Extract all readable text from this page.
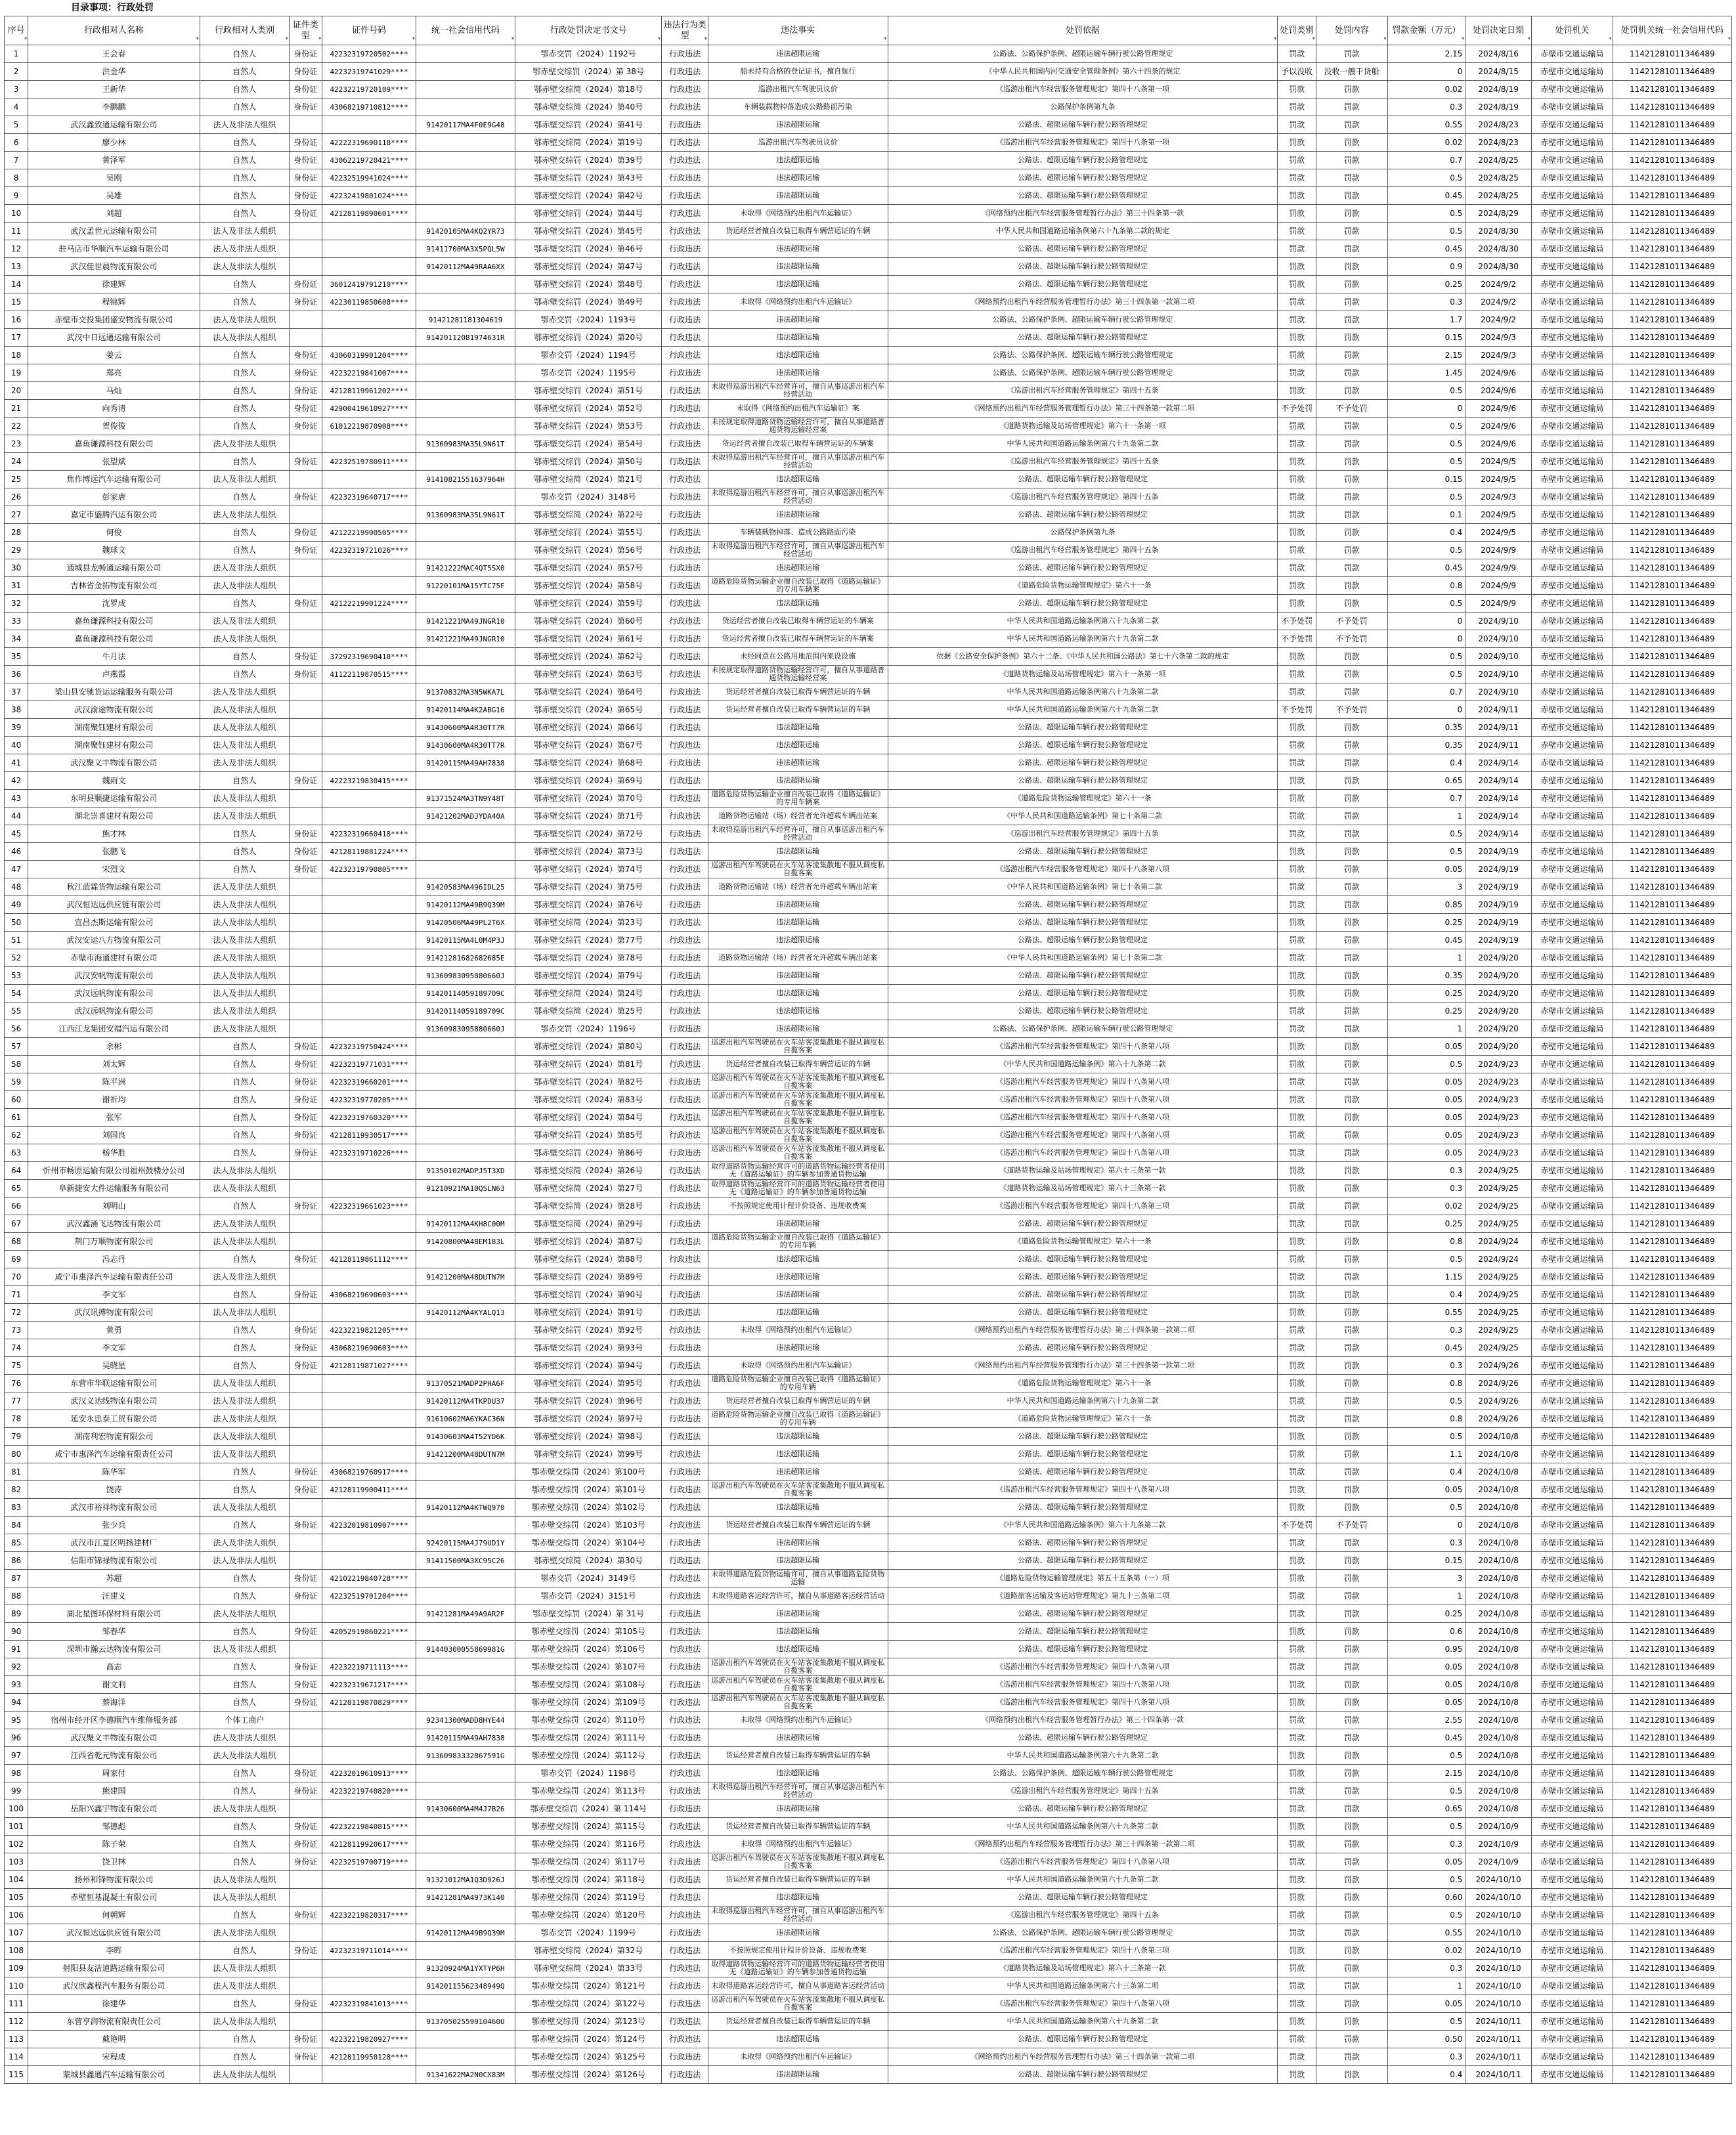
目录事项：行政处罚
序号 ▾	行政相对人名称 ▾	行政相对人类别 ▾	证件类型 ▾	证件号码 ▾	统一社会信用代码 ▾	行政处罚决定书文号 ▾	违法行为类型 ▾	违法事实 ▾	处罚依据 ▾	处罚类别 ▾	处罚内容 ▾	罚款金额（万元） ▾	处罚决定日期 ▾	处罚机关 ▾	处罚机关统一社会信用代码 ▾
1	王会春	自然人	身份证	42232319720502****		鄂赤交罚（2024）1192号	行政违法	违法超限运输	公路法、公路保护条例、超限运输车辆行驶公路管理规定	罚款	罚款	2.15	2024/8/16	赤壁市交通运输局	11421281011346489
2	洪金华	自然人	身份证	42232319741029****		鄂赤壁交综罚（2024）第 38号	行政违法	船未持有合格的登记证书，擅自航行	《中华人民共和国内河交通安全管理条例》第六十四条的规定	予以没收	没收一艘干货船	0	2024/8/15	赤壁市交通运输局	11421281011346489
3	王新华	自然人	身份证	42232219720109****		鄂赤壁交综简（2024）第18号	行政违法	巡游出租汽车驾驶员议价	《巡游出租汽车经营服务管理规定》第四十八条第一项	罚款	罚款	0.02	2024/8/19	赤壁市交通运输局	11421281011346489
4	李鹏鹏	自然人	身份证	43068219710812****		鄂赤壁交综简（2024）第40号	行政违法	车辆装载物掉落造成公路路面污染	公路保护条例第九条	罚款	罚款	0.3	2024/8/19	赤壁市交通运输局	11421281011346489
5	武汉鑫致通运输有限公司	法人及非法人组织			91420117MA4F0E9G48	鄂赤壁交综罚（2024）第41号	行政违法	违法超限运输	公路法、超限运输车辆行驶公路管理规定	罚款	罚款	0.55	2024/8/23	赤壁市交通运输局	11421281011346489
6	廖少林	自然人	身份证	42222319690118****		鄂赤壁交综简（2024）第19号	行政违法	巡游出租汽车驾驶员议价	《巡游出租汽车经营服务管理规定》第四十八条第一项	罚款	罚款	0.02	2024/8/23	赤壁市交通运输局	11421281011346489
7	黄泽军	自然人	身份证	43062219720421****		鄂赤壁交综罚（2024）第39号	行政违法	违法超限运输	公路法、超限运输车辆行驶公路管理规定	罚款	罚款	0.7	2024/8/25	赤壁市交通运输局	11421281011346489
8	吴刚	自然人	身份证	42232519941024****		鄂赤壁交综罚（2024）第43号	行政违法	违法超限运输	公路法、超限运输车辆行驶公路管理规定	罚款	罚款	0.5	2024/8/25	赤壁市交通运输局	11421281011346489
9	吴雄	自然人	身份证	42232419801024****		鄂赤壁交综罚（2024）第42号	行政违法	违法超限运输	公路法、超限运输车辆行驶公路管理规定	罚款	罚款	0.45	2024/8/25	赤壁市交通运输局	11421281011346489
10	刘超	自然人	身份证	42128119890601****		鄂赤壁交综罚（2024）第44号	行政违法	未取得《网络预约出租汽车运输证》	《网络预约出租汽车经营服务管理暂行办法》第三十四条第一款	罚款	罚款	0.5	2024/8/29	赤壁市交通运输局	11421281011346489
11	武汉孟世元运输有限公司	法人及非法人组织			91420105MA4KQ2YR73	鄂赤壁交综罚（2024）第45号	行政违法	货运经营者擅自改装已取得车辆营运证的车辆	中华人民共和国道路运输条例第六十九条第二款的规定	罚款	罚款	0.5	2024/8/30	赤壁市交通运输局	11421281011346489
12	驻马店市华顺汽车运输有限公司	法人及非法人组织			91411700MA3X5PQL5W	鄂赤壁交综罚（2024）第46号	行政违法	违法超限运输	公路法、超限运输车辆行驶公路管理规定	罚款	罚款	0.45	2024/8/30	赤壁市交通运输局	11421281011346489
13	武汉佳世晨物流有限公司	法人及非法人组织			91420112MA49RAA6XX	鄂赤壁交综罚（2024）第47号	行政违法	违法超限运输	公路法、超限运输车辆行驶公路管理规定	罚款	罚款	0.9	2024/8/30	赤壁市交通运输局	11421281011346489
14	徐建辉	自然人	身份证	36012419791210****		鄂赤壁交综罚（2024）第48号	行政违法	违法超限运输	公路法、超限运输车辆行驶公路管理规定	罚款	罚款	0.25	2024/9/2	赤壁市交通运输局	11421281011346489
15	程锦辉	自然人	身份证	42230119850608****		鄂赤壁交综罚（2024）第49号	行政违法	未取得《网络预约出租汽车运输证》	《网络预约出租汽车经营服务管理暂行办法》第三十四条第一款第二项	罚款	罚款	0.3	2024/9/2	赤壁市交通运输局	11421281011346489
16	赤壁市交投集团盛安物流有限公司	法人及非法人组织			91421281181304619	鄂赤交罚（2024）1193号	行政违法	违法超限运输	公路法、公路保护条例、超限运输车辆行驶公路管理规定	罚款	罚款	1.7	2024/9/2	赤壁市交通运输局	11421281011346489
17	武汉中日远通运输有限公司	法人及非法人组织			91420112081974631R	鄂赤壁交综罚（2024）第20号	行政违法	违法超限运输	公路法、超限运输车辆行驶公路管理规定	罚款	罚款	0.15	2024/9/3	赤壁市交通运输局	11421281011346489
18	姜云	自然人	身份证	43060319901204****		鄂赤交罚（2024）1194号	行政违法	违法超限运输	公路法、公路保护条例、超限运输车辆行驶公路管理规定	罚款	罚款	2.15	2024/9/3	赤壁市交通运输局	11421281011346489
19	郑亮	自然人	身份证	42232219841007****		鄂赤交罚（2024）1195号	行政违法	违法超限运输	公路法、公路保护条例、超限运输车辆行驶公路管理规定	罚款	罚款	1.45	2024/9/6	赤壁市交通运输局	11421281011346489
20	马灿	自然人	身份证	42128119961202****		鄂赤壁交综罚（2024）第51号	行政违法	未取得巡游出租汽车经营许可，擅自从事巡游出租汽车经营活动	《巡游出租汽车经营服务管理规定》第四十五条	罚款	罚款	0.5	2024/9/6	赤壁市交通运输局	11421281011346489
21	向秀清	自然人	身份证	42900419610927****		鄂赤壁交综罚（2024）第52号	行政违法	未取得《网络预约出租汽车运输证》案	《网络预约出租汽车经营服务管理暂行办法》第三十四条第一款第二项	不予处罚	不予处罚	0	2024/9/6	赤壁市交通运输局	11421281011346489
22	贺俊俊	自然人	身份证	61012219870908****		鄂赤壁交综罚（2024）第53号	行政违法	未按规定取得道路货物运输经营许可，擅自从事道路普通货物运输经营案	《道路货物运输及站场管理规定》第六十一条第一项	罚款	罚款	0.5	2024/9/6	赤壁市交通运输局	11421281011346489
23	嘉鱼谦源科技有限公司	法人及非法人组织			91360983MA35L9N61T	鄂赤壁交综罚（2024）第54号	行政违法	货运经营者擅自改装已取得车辆营运证的车辆案	中华人民共和国道路运输条例第六十九条第二款	罚款	罚款	0.5	2024/9/6	赤壁市交通运输局	11421281011346489
24	张望斌	自然人	身份证	42232519780911****		鄂赤壁交综罚（2024）第50号	行政违法	未取得巡游出租汽车经营许可，擅自从事巡游出租汽车经营活动	《巡游出租汽车经营服务管理规定》第四十五条	罚款	罚款	0.5	2024/9/5	赤壁市交通运输局	11421281011346489
25	焦作博远汽车运输有限公司	法人及非法人组织			91410821551637964H	鄂赤壁交综简（2024）第21号	行政违法	违法超限运输	公路法、超限运输车辆行驶公路管理规定	罚款	罚款	0.15	2024/9/5	赤壁市交通运输局	11421281011346489
26	彭家唐	自然人	身份证	42232319640717****		鄂赤交罚（2024）3148号	行政违法	未取得巡游出租汽车经营许可，擅自从事巡游出租汽车经营活动	《巡游出租汽车经营服务管理规定》第四十五条	罚款	罚款	0.5	2024/9/3	赤壁市交通运输局	11421281011346489
27	嘉定市盛腾汽运有限公司	法人及非法人组织			91360983MA35L9N61T	鄂赤壁交综简（2024）第22号	行政违法	违法超限运输	公路法、超限运输车辆行驶公路管理规定	罚款	罚款	0.1	2024/9/5	赤壁市交通运输局	11421281011346489
28	何俊	自然人	身份证	42122219900505****		鄂赤壁交综罚（2024）第55号	行政违法	车辆装载物掉落、造成公路路面污染	公路保护条例第九条	罚款	罚款	0.4	2024/9/5	赤壁市交通运输局	11421281011346489
29	魏球文	自然人	身份证	42232319721026****		鄂赤壁交综罚（2024）第56号	行政违法	未取得巡游出租汽车经营许可，擅自从事巡游出租汽车经营活动	《巡游出租汽车经营服务管理规定》第四十五条	罚款	罚款	0.5	2024/9/9	赤壁市交通运输局	11421281011346489
30	通城县龙畅通运输有限公司	法人及非法人组织			91421222MAC4QT5SX0	鄂赤壁交综罚（2024）第57号	行政违法	违法超限运输	公路法、超限运输车辆行驶公路管理规定	罚款	罚款	0.45	2024/9/9	赤壁市交通运输局	11421281011346489
31	吉林省金拓物流有限公司	法人及非法人组织			91220101MA15YTC75F	鄂赤壁交综罚（2024）第58号	行政违法	道路危险货物运输企业擅自改装已取得《道路运输证》的专用车辆案	《道路危险货物运输管理规定》第六十一条	罚款	罚款	0.8	2024/9/9	赤壁市交通运输局	11421281011346489
32	沈罗成	自然人	身份证	42122219901224****		鄂赤壁交综罚（2024）第59号	行政违法	违法超限运输	公路法、超限运输车辆行驶公路管理规定	罚款	罚款	0.5	2024/9/9	赤壁市交通运输局	11421281011346489
33	嘉鱼谦源科技有限公司	法人及非法人组织			91421221MA49JNGR10	鄂赤壁交综罚（2024）第60号	行政违法	货运经营者擅自改装已取得车辆营运证的车辆案	中华人民共和国道路运输条例第六十九条第二款	不予处罚	不予处罚	0	2024/9/10	赤壁市交通运输局	11421281011346489
34	嘉鱼谦源科技有限公司	法人及非法人组织			91421221MA49JNGR10	鄂赤壁交综罚（2024）第61号	行政违法	货运经营者擅自改装已取得车辆营运证的车辆案	中华人民共和国道路运输条例第六十九条第二款	不予处罚	不予处罚	0	2024/9/10	赤壁市交通运输局	11421281011346489
35	牛月法	自然人	身份证	37292319690418****		鄂赤壁交综罚（2024）第62号	行政违法	未经同意在公路用地范围内架设设施	依据《公路安全保护条例》第六十二条、《中华人民共和国公路法》第七十六条第二款的规定	罚款	罚款	0.5	2024/9/10	赤壁市交通运输局	11421281011346489
36	卢燕霞	自然人	身份证	41122119870515****		鄂赤壁交综罚（2024）第63号	行政违法	未按规定取得道路货物运输经营许可，擅自从事道路普通货物运输经营案	《道路货物运输及站场管理规定》第六十一条第一项	罚款	罚款	0.5	2024/9/10	赤壁市交通运输局	11421281011346489
37	梁山县安驰货运运输服务有限公司	法人及非法人组织			91370832MA3N5WKA7L	鄂赤壁交综罚（2024）第64号	行政违法	货运经营者擅自改装已取得车辆营运证的车辆	中华人民共和国道路运输条例第六十九条第二款	罚款	罚款	0.7	2024/9/10	赤壁市交通运输局	11421281011346489
38	武汉渝途物流有限公司	法人及非法人组织			91420114MA4K2ABG16	鄂赤壁交综罚（2024）第65号	行政违法	货运经营者擅自改装已取得车辆营运证的车辆	中华人民共和国道路运输条例第六十九条第二款	不予处罚	不予处罚	0	2024/9/11	赤壁市交通运输局	11421281011346489
39	湖南聚钰建材有限公司	法人及非法人组织			91430600MA4R30TT7R	鄂赤壁交综罚（2024）第66号	行政违法	违法超限运输	公路法、超限运输车辆行驶公路管理规定	罚款	罚款	0.35	2024/9/11	赤壁市交通运输局	11421281011346489
40	湖南聚钰建材有限公司	法人及非法人组织			91430600MA4R30TT7R	鄂赤壁交综罚（2024）第67号	行政违法	违法超限运输	公路法、超限运输车辆行驶公路管理规定	罚款	罚款	0.35	2024/9/11	赤壁市交通运输局	11421281011346489
41	武汉聚义丰物流有限公司	法人及非法人组织			91420115MA49AH7838	鄂赤壁交综罚（2024）第68号	行政违法	违法超限运输	公路法、超限运输车辆行驶公路管理规定	罚款	罚款	0.4	2024/9/14	赤壁市交通运输局	11421281011346489
42	魏雨文	自然人	身份证	42223219830415****		鄂赤壁交综罚（2024）第69号	行政违法	违法超限运输	公路法、超限运输车辆行驶公路管理规定	罚款	罚款	0.65	2024/9/14	赤壁市交通运输局	11421281011346489
43	东明县顺捷运输有限公司	法人及非法人组织			91371524MA3TN9Y48T	鄂赤壁交综罚（2024）第70号	行政违法	道路危险货物运输企业擅自改装已取得《道路运输证》的专用车辆案	《道路危险货物运输管理规定》第六十一条	罚款	罚款	0.7	2024/9/14	赤壁市交通运输局	11421281011346489
44	湖北崇喜建材有限公司	法人及非法人组织			91421202MADJYDA40A	鄂赤壁交综罚（2024）第71号	行政违法	道路货物运输站（场）经营者允许超载车辆出站案	《中华人民共和国道路运输条例》第七十条第二款	罚款	罚款	1	2024/9/14	赤壁市交通运输局	11421281011346489
45	熊才林	自然人	身份证	42232319660418****		鄂赤壁交综罚（2024）第72号	行政违法	未取得巡游出租汽车经营许可，擅自从事巡游出租汽车经营活动	《巡游出租汽车经营服务管理规定》第四十五条	罚款	罚款	0.5	2024/9/14	赤壁市交通运输局	11421281011346489
46	张鹏飞	自然人	身份证	42128119881224****		鄂赤壁交综罚（2024）第73号	行政违法	违法超限运输	公路法、超限运输车辆行驶公路管理规定	罚款	罚款	0.5	2024/9/19	赤壁市交通运输局	11421281011346489
47	宋烈文	自然人	身份证	42232319790805****		鄂赤壁交综罚（2024）第74号	行政违法	巡游出租汽车驾驶员在火车站客流集散地不服从调度私自揽客案	《巡游出租汽车经营服务管理规定》第四十八条第八项	罚款	罚款	0.05	2024/9/19	赤壁市交通运输局	11421281011346489
48	秋江蓝霖货物运输有限公司	法人及非法人组织			91420583MA496IDL25	鄂赤壁交综罚（2024）第75号	行政违法	道路货物运输站（场）经营者允许超载车辆出站案	《中华人民共和国道路运输条例》第七十条第二款	罚款	罚款	3	2024/9/19	赤壁市交通运输局	11421281011346489
49	武汉恒达远供应链有限公司	法人及非法人组织			91420112MA49B9Q39M	鄂赤壁交综罚（2024）第76号	行政违法	违法超限运输	公路法、超限运输车辆行驶公路管理规定	罚款	罚款	0.85	2024/9/19	赤壁市交通运输局	11421281011346489
50	宜昌杰斯运输有限公司	法人及非法人组织			91420506MA49PL2T6X	鄂赤壁交综简（2024）第23号	行政违法	违法超限运输	公路法、超限运输车辆行驶公路管理规定	罚款	罚款	0.25	2024/9/19	赤壁市交通运输局	11421281011346489
51	武汉安运八方物流有限公司	法人及非法人组织			91420115MA4L0M4P3J	鄂赤壁交综罚（2024）第77号	行政违法	违法超限运输	公路法、超限运输车辆行驶公路管理规定	罚款	罚款	0.45	2024/9/19	赤壁市交通运输局	11421281011346489
52	赤壁市海通建材有限公司	法人及非法人组织			91421281682682685E	鄂赤壁交综罚（2024）第78号	行政违法	道路货物运输站（场）经营者允许超载车辆出站案	《中华人民共和国道路运输条例》第七十条第二款	罚款	罚款	1	2024/9/20	赤壁市交通运输局	11421281011346489
53	武汉安帆物流有限公司	法人及非法人组织			91360983095880660J	鄂赤壁交综罚（2024）第79号	行政违法	违法超限运输	公路法、超限运输车辆行驶公路管理规定	罚款	罚款	0.35	2024/9/20	赤壁市交通运输局	11421281011346489
54	武汉远帆物流有限公司	法人及非法人组织			91420114059189709C	鄂赤壁交综简（2024）第24号	行政违法	违法超限运输	公路法、超限运输车辆行驶公路管理规定	罚款	罚款	0.25	2024/9/20	赤壁市交通运输局	11421281011346489
55	武汉远帆物流有限公司	法人及非法人组织			91420114059189709C	鄂赤壁交综简（2024）第25号	行政违法	违法超限运输	公路法、超限运输车辆行驶公路管理规定	罚款	罚款	0.25	2024/9/20	赤壁市交通运输局	11421281011346489
56	江西江龙集团安福汽运有限公司	法人及非法人组织			91360983095880660J	鄂赤交罚（2024）1196号	行政违法	违法超限运输	公路法、公路保护条例、超限运输车辆行驶公路管理规定	罚款	罚款	1	2024/9/20	赤壁市交通运输局	11421281011346489
57	余彬	自然人	身份证	42232319750424****		鄂赤壁交综罚（2024）第80号	行政违法	巡游出租汽车驾驶员在火车站客流集散地不服从调度私自揽客案	《巡游出租汽车经营服务管理规定》第四十八条第八项	罚款	罚款	0.05	2024/9/20	赤壁市交通运输局	11421281011346489
58	刘太辉	自然人	身份证	42232319771031****		鄂赤壁交综罚（2024）第81号	行政违法	货运经营者擅自改装已取得车辆营运证的车辆	《中华人民共和国道路运输条例》第六十九条第二款	罚款	罚款	0.5	2024/9/23	赤壁市交通运输局	11421281011346489
59	陈平洲	自然人	身份证	42232319660201****		鄂赤壁交综罚（2024）第82号	行政违法	巡游出租汽车驾驶员在火车站客流集散地不服从调度私自揽客案	《巡游出租汽车经营服务管理规定》第四十八条第八项	罚款	罚款	0.05	2024/9/23	赤壁市交通运输局	11421281011346489
60	谢祈均	自然人	身份证	42232319770205****		鄂赤壁交综罚（2024）第83号	行政违法	巡游出租汽车驾驶员在火车站客流集散地不服从调度私自揽客案	《巡游出租汽车经营服务管理规定》第四十八条第八项	罚款	罚款	0.05	2024/9/23	赤壁市交通运输局	11421281011346489
61	张军	自然人	身份证	42232319760320****		鄂赤壁交综罚（2024）第84号	行政违法	巡游出租汽车驾驶员在火车站客流集散地不服从调度私自揽客案	《巡游出租汽车经营服务管理规定》第四十八条第八项	罚款	罚款	0.05	2024/9/23	赤壁市交通运输局	11421281011346489
62	刘国良	自然人	身份证	42128119930517****		鄂赤壁交综罚（2024）第85号	行政违法	巡游出租汽车驾驶员在火车站客流集散地不服从调度私自揽客案	《巡游出租汽车经营服务管理规定》第四十八条第八项	罚款	罚款	0.05	2024/9/23	赤壁市交通运输局	11421281011346489
63	杨华胜	自然人	身份证	42232319710226****		鄂赤壁交综罚（2024）第86号	行政违法	巡游出租汽车驾驶员在火车站客流集散地不服从调度私自揽客案	《巡游出租汽车经营服务管理规定》第四十八条第八项	罚款	罚款	0.05	2024/9/23	赤壁市交通运输局	11421281011346489
64	忻州市畅原运输有限公司福州鼓楼分公司	法人及非法人组织			91350102MADPJ5T3XD	鄂赤壁交综简（2024）第26号	行政违法	取得道路货物运输经营许可的道路货物运输经营者使用无《道路运输证》的车辆参加普通货物运输	《道路货物运输及站场管理规定》第六十三条第一款	罚款	罚款	0.3	2024/9/25	赤壁市交通运输局	11421281011346489
65	阜新捷安大件运输服务有限公司	法人及非法人组织			91210921MA10QSLN63	鄂赤壁交综简（2024）第27号	行政违法	取得道路货物运输经营许可的道路货物运输经营者使用无《道路运输证》的车辆参加普通货物运输	《道路货物运输及站场管理规定》第六十三条第一款	罚款	罚款	0.3	2024/9/25	赤壁市交通运输局	11421281011346489
66	刘明山	自然人	身份证	42232319661023****		鄂赤壁交综简（2024）第28号	行政违法	不按照规定使用计程计价设备、违规收费案	《巡游出租汽车经营服务管理规定》第四十八条第三项	罚款	罚款	0.02	2024/9/25	赤壁市交通运输局	11421281011346489
67	武汉鑫涌飞达物流有限公司	法人及非法人组织			91420112MA4KH8C00M	鄂赤壁交综简（2024）第29号	行政违法	违法超限运输	公路法、超限运输车辆行驶公路管理规定	罚款	罚款	0.25	2024/9/25	赤壁市交通运输局	11421281011346489
68	荆门万顺物流有限公司	法人及非法人组织			91420800MA48EM183L	鄂赤壁交综罚（2024）第87号	行政违法	道路危险货物运输企业擅自改装已取得《道路运输证》的专用车辆	《道路危险货物运输管理规定》第六十一条	罚款	罚款	0.8	2024/9/24	赤壁市交通运输局	11421281011346489
69	冯志丹	自然人	身份证	42128119861112****		鄂赤壁交综罚（2024）第88号	行政违法	违法超限运输	公路法、超限运输车辆行驶公路管理规定	罚款	罚款	0.5	2024/9/24	赤壁市交通运输局	11421281011346489
70	咸宁市惠泽汽车运输有限责任公司	法人及非法人组织			91421200MA48DUTN7M	鄂赤壁交综罚（2024）第89号	行政违法	违法超限运输	公路法、超限运输车辆行驶公路管理规定	罚款	罚款	1.15	2024/9/25	赤壁市交通运输局	11421281011346489
71	李文军	自然人	身份证	43068219690603****		鄂赤壁交综罚（2024）第90号	行政违法	违法超限运输	公路法、超限运输车辆行驶公路管理规定	罚款	罚款	0.4	2024/9/25	赤壁市交通运输局	11421281011346489
72	武汉讯搏物流有限公司	法人及非法人组织			91420112MA4KYALQ13	鄂赤壁交综罚（2024）第91号	行政违法	违法超限运输	公路法、超限运输车辆行驶公路管理规定	罚款	罚款	0.55	2024/9/25	赤壁市交通运输局	11421281011346489
73	黄勇	自然人	身份证	42232219821205****		鄂赤壁交综罚（2024）第92号	行政违法	未取得《网络预约出租汽车运输证》	《网络预约出租汽车经营服务管理暂行办法》第三十四条第一款第二项	罚款	罚款	0.3	2024/9/25	赤壁市交通运输局	11421281011346489
74	李文军	自然人	身份证	43068219690603****		鄂赤壁交综罚（2024）第93号	行政违法	违法超限运输	公路法、超限运输车辆行驶公路管理规定	罚款	罚款	0.45	2024/9/25	赤壁市交通运输局	11421281011346489
75	吴晓星	自然人	身份证	42128119871027****		鄂赤壁交综罚（2024）第94号	行政违法	未取得《网络预约出租汽车运输证》	《网络预约出租汽车经营服务管理暂行办法》第三十四条第一款第二项	罚款	罚款	0.3	2024/9/26	赤壁市交通运输局	11421281011346489
76	东营市华联运输有限公司	法人及非法人组织			91370521MADP2PHA6F	鄂赤壁交综罚（2024）第95号	行政违法	道路危险货物运输企业擅自改装已取得《道路运输证》的专用车辆	《道路危险货物运输管理规定》第六十一条	罚款	罚款	0.8	2024/9/26	赤壁市交通运输局	11421281011346489
77	武汉义达线物流有限公司	法人及非法人组织			91420112MA4TKPDU37	鄂赤壁交综罚（2024）第96号	行政违法	货运经营者擅自改装已取得车辆营运证的车辆	中华人民共和国道路运输条例第六十九条第二款	罚款	罚款	0.5	2024/9/26	赤壁市交通运输局	11421281011346489
78	延安永忠泰工贸有限公司	法人及非法人组织			91610602MA6YKAC36N	鄂赤壁交综罚（2024）第97号	行政违法	道路危险货物运输企业擅自改装已取得《道路运输证》的专用车辆	《道路危险货物运输管理规定》第六十一条	罚款	罚款	0.8	2024/9/26	赤壁市交通运输局	11421281011346489
79	湖南利宏物流有限公司	法人及非法人组织			91430603MA4T52YD6K	鄂赤壁交综罚（2024）第98号	行政违法	违法超限运输	公路法、超限运输车辆行驶公路管理规定	罚款	罚款	0.5	2024/10/8	赤壁市交通运输局	11421281011346489
80	咸宁市惠泽汽车运输有限责任公司	法人及非法人组织			91421200MA48DUTN7M	鄂赤壁交综罚（2024）第99号	行政违法	违法超限运输	公路法、超限运输车辆行驶公路管理规定	罚款	罚款	1.1	2024/10/8	赤壁市交通运输局	11421281011346489
81	陈华军	自然人	身份证	43068219760917****		鄂赤壁交综罚（2024）第100号	行政违法	违法超限运输	公路法、超限运输车辆行驶公路管理规定	罚款	罚款	0.4	2024/10/8	赤壁市交通运输局	11421281011346489
82	饶涛	自然人	身份证	42128119900411****		鄂赤壁交综罚（2024）第101号	行政违法	巡游出租汽车驾驶员在火车站客流集散地不服从调度私自揽客案	《巡游出租汽车经营服务管理规定》第四十八条第八项	罚款	罚款	0.05	2024/10/8	赤壁市交通运输局	11421281011346489
83	武汉市裕祥物流有限公司	法人及非法人组织			91420112MA4KTWQ970	鄂赤壁交综罚（2024）第102号	行政违法	违法超限运输	公路法、超限运输车辆行驶公路管理规定	罚款	罚款	0.5	2024/10/8	赤壁市交通运输局	11421281011346489
84	张少兵	自然人	身份证	42232019810907****		鄂赤壁交综罚（2024）第103号	行政违法	货运经营者擅自改装已取得车辆营运证的车辆	《中华人民共和国道路运输条例》第六十九条第二款	不予处罚	不予处罚	0	2024/10/8	赤壁市交通运输局	11421281011346489
85	武汉市江夏区明扬建材厂	法人及非法人组织			92420115MA4J79UD1Y	鄂赤壁交综罚（2024）第104号	行政违法	违法超限运输	公路法、超限运输车辆行驶公路管理规定	罚款	罚款	0.3	2024/10/8	赤壁市交通运输局	11421281011346489
86	信阳市锦禄物流有限公司	法人及非法人组织			91411500MA3XC95C26	鄂赤壁交综简（2024）第30号	行政违法	违法超限运输	公路法、超限运输车辆行驶公路管理规定	罚款	罚款	0.15	2024/10/8	赤壁市交通运输局	11421281011346489
87	苏超	自然人	身份证	42102219840728****		鄂赤交罚（2024）3149号	行政违法	未取得道路危险货物运输许可，擅自从事道路危险货物运输	《道路危险货物运输管理规定》第五十五条第（一）项	罚款	罚款	3	2024/10/8	赤壁市交通运输局	11421281011346489
88	汪建义	自然人	身份证	42232519701204****		鄂赤交罚（2024）3151号	行政违法	未取得道路客运经营许可，擅自从事道路客运经营活动	《道路旅客运输及客运站管理规定》第九十三条第二项	罚款	罚款	1	2024/10/8	赤壁市交通运输局	11421281011346489
89	湖北星图环保材料有限公司	法人及非法人组织			91421281MA49A9AR2F	鄂赤壁交综罚（2024）第 31号	行政违法	违法超限运输	公路法、超限运输车辆行驶公路管理规定	罚款	罚款	0.25	2024/10/8	赤壁市交通运输局	11421281011346489
90	邹春华	自然人	身份证	42052919860221****		鄂赤壁交综罚（2024）第105号	行政违法	违法超限运输	公路法、超限运输车辆行驶公路管理规定	罚款	罚款	0.6	2024/10/8	赤壁市交通运输局	11421281011346489
91	深圳市瀚云达物流有限公司	法人及非法人组织			91440300055869981G	鄂赤壁交综罚（2024）第106号	行政违法	违法超限运输	公路法、超限运输车辆行驶公路管理规定	罚款	罚款	0.95	2024/10/8	赤壁市交通运输局	11421281011346489
92	高志	自然人	身份证	42232219711113****		鄂赤壁交综罚（2024）第107号	行政违法	巡游出租汽车驾驶员在火车站客流集散地不服从调度私自揽客案	《巡游出租汽车经营服务管理规定》第四十八条第八项	罚款	罚款	0.05	2024/10/8	赤壁市交通运输局	11421281011346489
93	谢文利	自然人	身份证	42232319671217****		鄂赤壁交综罚（2024）第108号	行政违法	巡游出租汽车驾驶员在火车站客流集散地不服从调度私自揽客案	《巡游出租汽车经营服务管理规定》第四十八条第八项	罚款	罚款	0.05	2024/10/8	赤壁市交通运输局	11421281011346489
94	蔡海洋	自然人	身份证	42128119870829****		鄂赤壁交综罚（2024）第109号	行政违法	巡游出租汽车驾驶员在火车站客流集散地不服从调度私自揽客案	《巡游出租汽车经营服务管理规定》第四十八条第八项	罚款	罚款	0.05	2024/10/8	赤壁市交通运输局	11421281011346489
95	宿州市经开区李德顺汽车维修服务部	个体工商户			92341300MADD8HYE44	鄂赤壁交综罚（2024）第110号	行政违法	未取得《网络预约出租汽车运输证》	《网络预约出租汽车经营服务管理暂行办法》第三十四条第一款	罚款	罚款	2.55	2024/10/8	赤壁市交通运输局	11421281011346489
96	武汉聚义丰物流有限公司	法人及非法人组织			91420115MA49AH7838	鄂赤壁交综罚（2024）第111号	行政违法	违法超限运输	公路法、超限运输车辆行驶公路管理规定	罚款	罚款	0.45	2024/10/8	赤壁市交通运输局	11421281011346489
97	江西省乾元物流有限公司	法人及非法人组织			91360983332867591G	鄂赤壁交综罚（2024）第112号	行政违法	货运经营者擅自改装已取得车辆营运证的车辆	中华人民共和国道路运输条例第六十九条第二款	罚款	罚款	0.5	2024/10/8	赤壁市交通运输局	11421281011346489
98	周家付	自然人	身份证	42232019610913****		鄂赤交罚（2024）1198号	行政违法	违法超限运输	公路法、公路保护条例、超限运输车辆行驶公路管理规定	罚款	罚款	2.15	2024/10/8	赤壁市交通运输局	11421281011346489
99	熊建国	自然人	身份证	42232219740820****		鄂赤壁交综罚（2024）第113号	行政违法	未取得巡游出租汽车经营许可，擅自从事巡游出租汽车经营活动	《巡游出租汽车经营服务管理规定》第四十五条	罚款	罚款	0.5	2024/10/8	赤壁市交通运输局	11421281011346489
100	岳阳兴鑫宇物流有限公司	法人及非法人组织			91430600MA4M4J7B26	鄂赤壁交综罚（2024）第 114号	行政违法	违法超限运输	公路法、超限运输车辆行驶公路管理规定	罚款	罚款	0.65	2024/10/8	赤壁市交通运输局	11421281011346489
101	邹德彪	自然人	身份证	42232219840815****		鄂赤壁交综罚（2024）第115号	行政违法	货运经营者擅自改装已取得车辆营运证的车辆	中华人民共和国道路运输条例第六十九条第二款	罚款	罚款	0.5	2024/10/9	赤壁市交通运输局	11421281011346489
102	陈子荣	自然人	身份证	42128119920617****		鄂赤壁交综罚（2024）第116号	行政违法	未取得《网络预约出租汽车运输证》	《网络预约出租汽车经营服务管理暂行办法》第三十四条第一款第二项	罚款	罚款	0.3	2024/10/9	赤壁市交通运输局	11421281011346489
103	饶卫林	自然人	身份证	42232519700719****		鄂赤壁交综罚（2024）第117号	行政违法	巡游出租汽车驾驶员在火车站客流集散地不服从调度私自揽客案	《巡游出租汽车经营服务管理规定》第四十八条第八项	罚款	罚款	0.05	2024/10/9	赤壁市交通运输局	11421281011346489
104	扬州和锋物流有限公司	法人及非法人组织			91321012MA1Q3D926J	鄂赤壁交综罚（2024）第118号	行政违法	货运经营者擅自改装已取得车辆营运证的车辆	中华人民共和国道路运输条例第六十九条第二款	罚款	罚款	0.5	2024/10/10	赤壁市交通运输局	11421281011346489
105	赤壁恒基混凝土有限公司	法人及非法人组织			91421281MA4973K140	鄂赤壁交综罚（2024）第119号	行政违法	违法超限运输	公路法、超限运输车辆行驶公路管理规定	罚款	罚款	0.60	2024/10/10	赤壁市交通运输局	11421281011346489
106	何朝辉	自然人	身份证	42232219820317****		鄂赤壁交综罚（2024）第120号	行政违法	未取得巡游出租汽车经营许可，擅自从事巡游出租汽车经营活动	《巡游出租汽车经营服务管理规定》第四十五条	罚款	罚款	0.5	2024/10/10	赤壁市交通运输局	11421281011346489
107	武汉恒达远供应链有限公司	法人及非法人组织			91420112MA49B9Q39M	鄂赤交罚（2024）1199号	行政违法	违法超限运输	公路法、公路保护条例、超限运输车辆行驶公路管理规定	罚款	罚款	0.55	2024/10/10	赤壁市交通运输局	11421281011346489
108	李晖	自然人	身份证	42232319711014****		鄂赤壁交综简（2024）第32号	行政违法	不按照规定使用计程计价设备、违规收费案	《巡游出租汽车经营服务管理规定》第四十八条第三项	罚款	罚款	0.02	2024/10/10	赤壁市交通运输局	11421281011346489
109	射阳县友洁道路运输有限公司	法人及非法人组织			91320924MA1YXTYP6H	鄂赤壁交综简（2024）第33号	行政违法	取得道路货物运输经营许可的道路货物运输经营者使用无《道路运输证》的车辆参加普通货物运输	《道路货物运输及站场管理规定》第六十三条第一款	罚款	罚款	0.3	2024/10/10	赤壁市交通运输局	11421281011346489
110	武汉欣鑫程汽车服务有限公司	法人及非法人组织			91420115562348949Q	鄂赤壁交综罚（2024）第121号	行政违法	未取得道路客运经营许可，擅自从事道路客运经营活动	中华人民共和国道路运输条例第六十三条第二项	罚款	罚款	1	2024/10/10	赤壁市交通运输局	11421281011346489
111	徐建华	自然人	身份证	42232319841013****		鄂赤壁交综罚（2024）第122号	行政违法	巡游出租汽车驾驶员在火车站客流集散地不服从调度私自揽客案	《巡游出租汽车经营服务管理规定》第四十八条第八项	罚款	罚款	0.05	2024/10/10	赤壁市交通运输局	11421281011346489
112	东营亨润物流有限责任公司	法人及非法人组织			91370502559910460U	鄂赤壁交综罚（2024）第123号	行政违法	货运经营者擅自改装已取得车辆营运证的车辆	中华人民共和国道路运输条例第六十九条第二款	罚款	罚款	0.5	2024/10/11	赤壁市交通运输局	11421281011346489
113	戴艳明	自然人	身份证	42232219820927****		鄂赤壁交综罚（2024）第124号	行政违法	违法超限运输	公路法、超限运输车辆行驶公路管理规定	罚款	罚款	0.50	2024/10/11	赤壁市交通运输局	11421281011346489
114	宋程成	自然人	身份证	42128119950128****		鄂赤壁交综罚（2024）第125号	行政违法	未取得《网络预约出租汽车运输证》	《网络预约出租汽车经营服务管理暂行办法》第三十四条第一款第二项	罚款	罚款	0.3	2024/10/11	赤壁市交通运输局	11421281011346489
115	蒙城县鑫通汽车运输有限公司	法人及非法人组织			91341622MA2N0CX83M	鄂赤壁交综罚（2024）第126号	行政违法	违法超限运输	公路法、超限运输车辆行驶公路管理规定	罚款	罚款	0.4	2024/10/11	赤壁市交通运输局	11421281011346489
